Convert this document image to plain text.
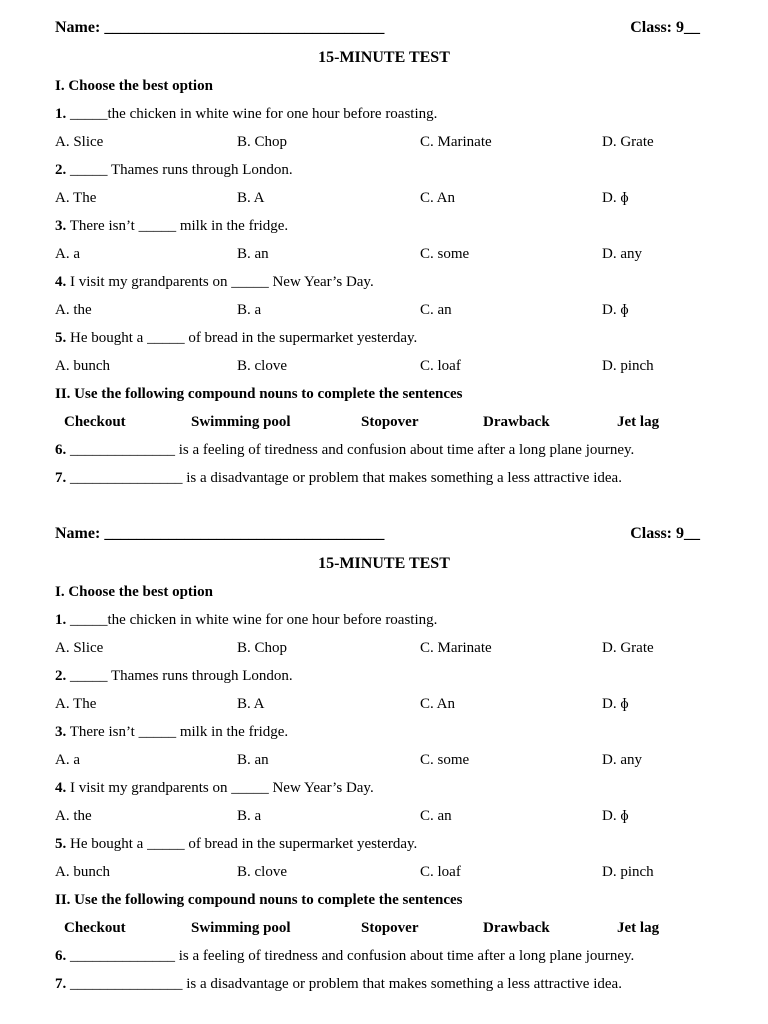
Name: ___________________________________	Class: 9__
15-MINUTE TEST
I. Choose the best option
1. _____the chicken in white wine for one hour before roasting.
A. Slice	B. Chop	C. Marinate	D. Grate
2. _____ Thames runs through London.
A. The	B. A	C. An	D. ɸ
3. There isn’t _____ milk in the fridge.
A. a	B. an	C. some	D. any
4. I visit my grandparents on _____ New Year’s Day.
A. the	B. a	C. an	D. ɸ
5. He bought a _____ of bread in the supermarket yesterday.
A. bunch	B. clove	C. loaf	D. pinch
II. Use the following compound nouns to complete the sentences
Checkout	Swimming pool	Stopover	Drawback	Jet lag
6. ______________ is a feeling of tiredness and confusion about time after a long plane journey.
7. _______________ is a disadvantage or problem that makes something a less attractive idea.
Name: ___________________________________	Class: 9__
15-MINUTE TEST
I. Choose the best option
1. _____the chicken in white wine for one hour before roasting.
A. Slice	B. Chop	C. Marinate	D. Grate
2. _____ Thames runs through London.
A. The	B. A	C. An	D. ɸ
3. There isn’t _____ milk in the fridge.
A. a	B. an	C. some	D. any
4. I visit my grandparents on _____ New Year’s Day.
A. the	B. a	C. an	D. ɸ
5. He bought a _____ of bread in the supermarket yesterday.
A. bunch	B. clove	C. loaf	D. pinch
II. Use the following compound nouns to complete the sentences
Checkout	Swimming pool	Stopover	Drawback	Jet lag
6. ______________ is a feeling of tiredness and confusion about time after a long plane journey.
7. _______________ is a disadvantage or problem that makes something a less attractive idea.
